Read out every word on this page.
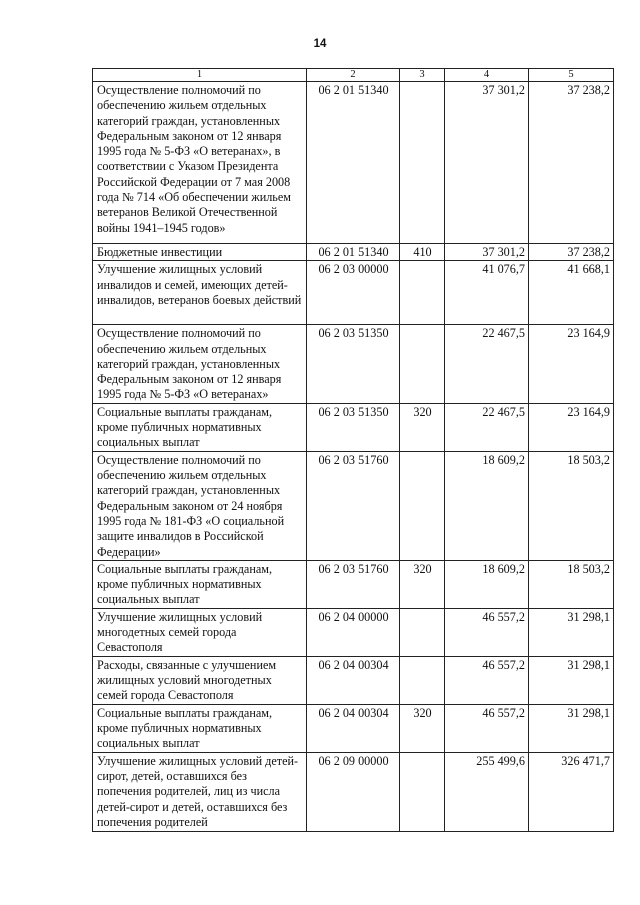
14
1	2	3	4	5
Осуществление полномочий по обеспечению жильем отдельных категорий граждан, установленных Федеральным законом от 12 января 1995 года № 5-ФЗ «О ветеранах», в соответствии с Указом Президента Российской Федерации от 7 мая 2008 года № 714 «Об обеспечении жильем ветеранов Великой Отечественной войны 1941–1945 годов»	06 2 01 51340		37 301,2	37 238,2
Бюджетные инвестиции	06 2 01 51340	410	37 301,2	37 238,2
Улучшение жилищных условий инвалидов и семей, имеющих детей-инвалидов, ветеранов боевых действий	06 2 03 00000		41 076,7	41 668,1
Осуществление полномочий по обеспечению жильем отдельных категорий граждан, установленных Федеральным законом от 12 января 1995 года № 5-ФЗ «О ветеранах»	06 2 03 51350		22 467,5	23 164,9
Социальные выплаты гражданам, кроме публичных нормативных социальных выплат	06 2 03 51350	320	22 467,5	23 164,9
Осуществление полномочий по обеспечению жильем отдельных категорий граждан, установленных Федеральным законом от 24 ноября 1995 года № 181-ФЗ «О социальной защите инвалидов в Российской Федерации»	06 2 03 51760		18 609,2	18 503,2
Социальные выплаты гражданам, кроме публичных нормативных социальных выплат	06 2 03 51760	320	18 609,2	18 503,2
Улучшение жилищных условий многодетных семей города Севастополя	06 2 04 00000		46 557,2	31 298,1
Расходы, связанные с улучшением жилищных условий многодетных семей города Севастополя	06 2 04 00304		46 557,2	31 298,1
Социальные выплаты гражданам, кроме публичных нормативных социальных выплат	06 2 04 00304	320	46 557,2	31 298,1
Улучшение жилищных условий детей-сирот, детей, оставшихся без попечения родителей, лиц из числа детей-сирот и детей, оставшихся без попечения родителей	06 2 09 00000		255 499,6	326 471,7
